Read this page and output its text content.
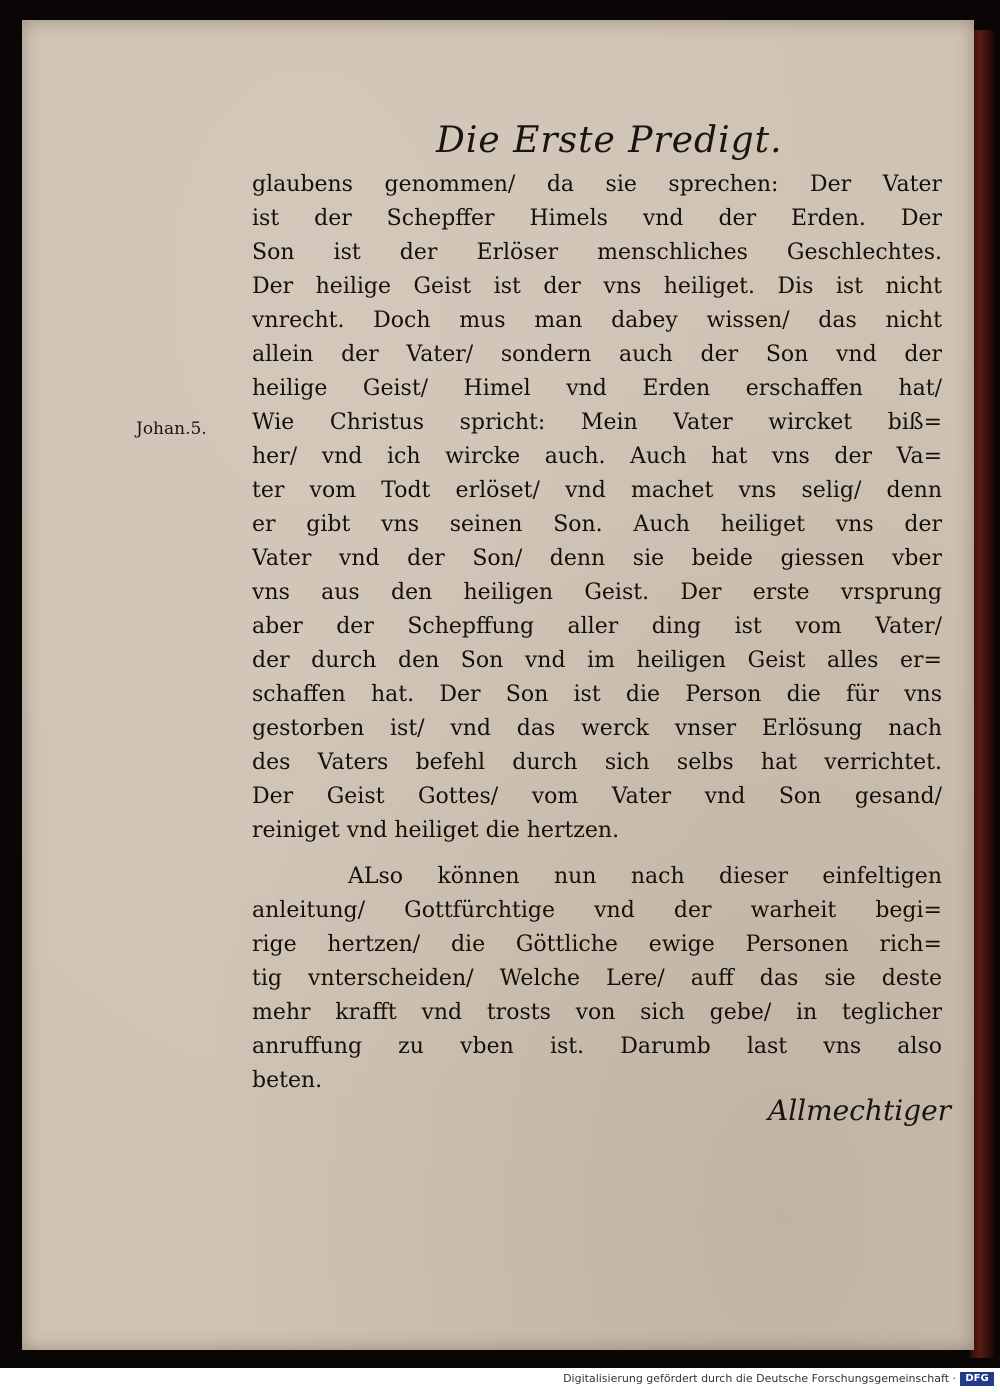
Die Erste Predigt.
Johan.5.
glaubens genommen/ da sie sprechen: Der Vater
ist der Schepffer Himels vnd der Erden. Der
Son ist der Erlöser menschliches Geschlechtes.
Der heilige Geist ist der vns heiliget. Dis ist nicht
vnrecht. Doch mus man dabey wissen/ das nicht
allein der Vater/ sondern auch der Son vnd der
heilige Geist/ Himel vnd Erden erschaffen hat/
Wie Christus spricht: Mein Vater wircket biß=
her/ vnd ich wircke auch. Auch hat vns der Va=
ter vom Todt erlöset/ vnd machet vns selig/ denn
er gibt vns seinen Son. Auch heiliget vns der
Vater vnd der Son/ denn sie beide giessen vber
vns aus den heiligen Geist. Der erste vrsprung
aber der Schepffung aller ding ist vom Vater/
der durch den Son vnd im heiligen Geist alles er=
schaffen hat. Der Son ist die Person die für vns
gestorben ist/ vnd das werck vnser Erlösung nach
des Vaters befehl durch sich selbs hat verrichtet.
Der Geist Gottes/ vom Vater vnd Son gesand/
reiniget vnd heiliget die hertzen.
ALso können nun nach dieser einfeltigen
anleitung/ Gottfürchtige vnd der warheit begi=
rige hertzen/ die Göttliche ewige Personen rich=
tig vnterscheiden/ Welche Lere/ auff das sie deste
mehr krafft vnd trosts von sich gebe/ in teglicher
anruffung zu vben ist. Darumb last vns also
beten.
Allmechtiger
Digitalisierung gefördert durch die Deutsche Forschungsgemeinschaft · DFG
